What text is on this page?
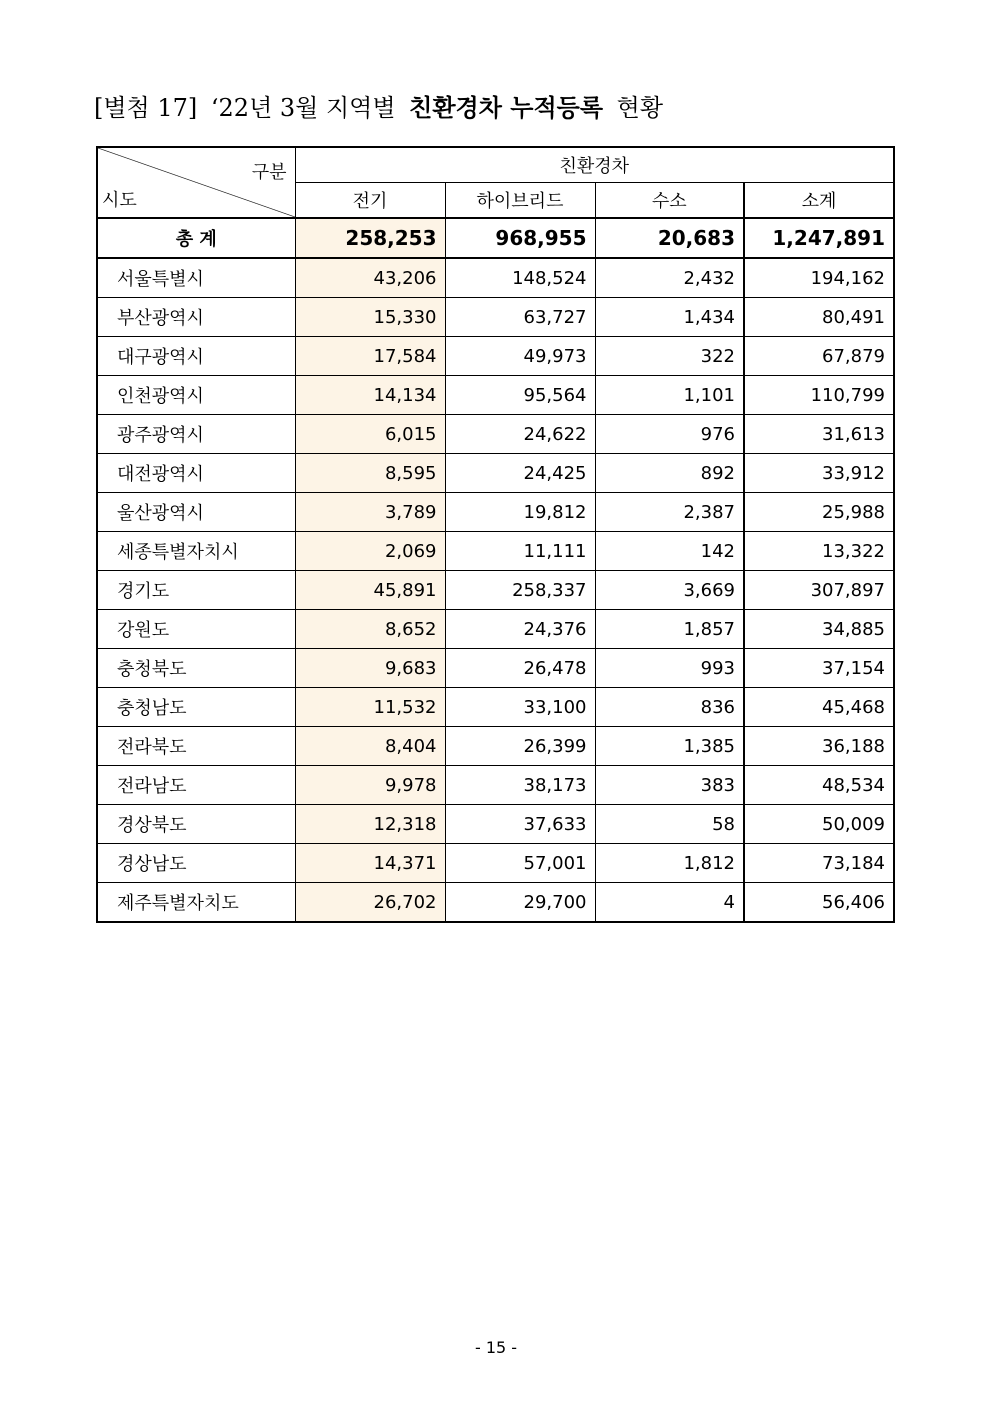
[별첨 17] ‘22년 3월 지역별 친환경차 누적등록 현황
구분
시도	친환경차			
	전기	하이브리드	수소	소계
총 계	258,253	968,955	20,683	1,247,891
서울특별시	43,206	148,524	2,432	194,162
부산광역시	15,330	63,727	1,434	80,491
대구광역시	17,584	49,973	322	67,879
인천광역시	14,134	95,564	1,101	110,799
광주광역시	6,015	24,622	976	31,613
대전광역시	8,595	24,425	892	33,912
울산광역시	3,789	19,812	2,387	25,988
세종특별자치시	2,069	11,111	142	13,322
경기도	45,891	258,337	3,669	307,897
강원도	8,652	24,376	1,857	34,885
충청북도	9,683	26,478	993	37,154
충청남도	11,532	33,100	836	45,468
전라북도	8,404	26,399	1,385	36,188
전라남도	9,978	38,173	383	48,534
경상북도	12,318	37,633	58	50,009
경상남도	14,371	57,001	1,812	73,184
제주특별자치도	26,702	29,700	4	56,406
- 15 -
